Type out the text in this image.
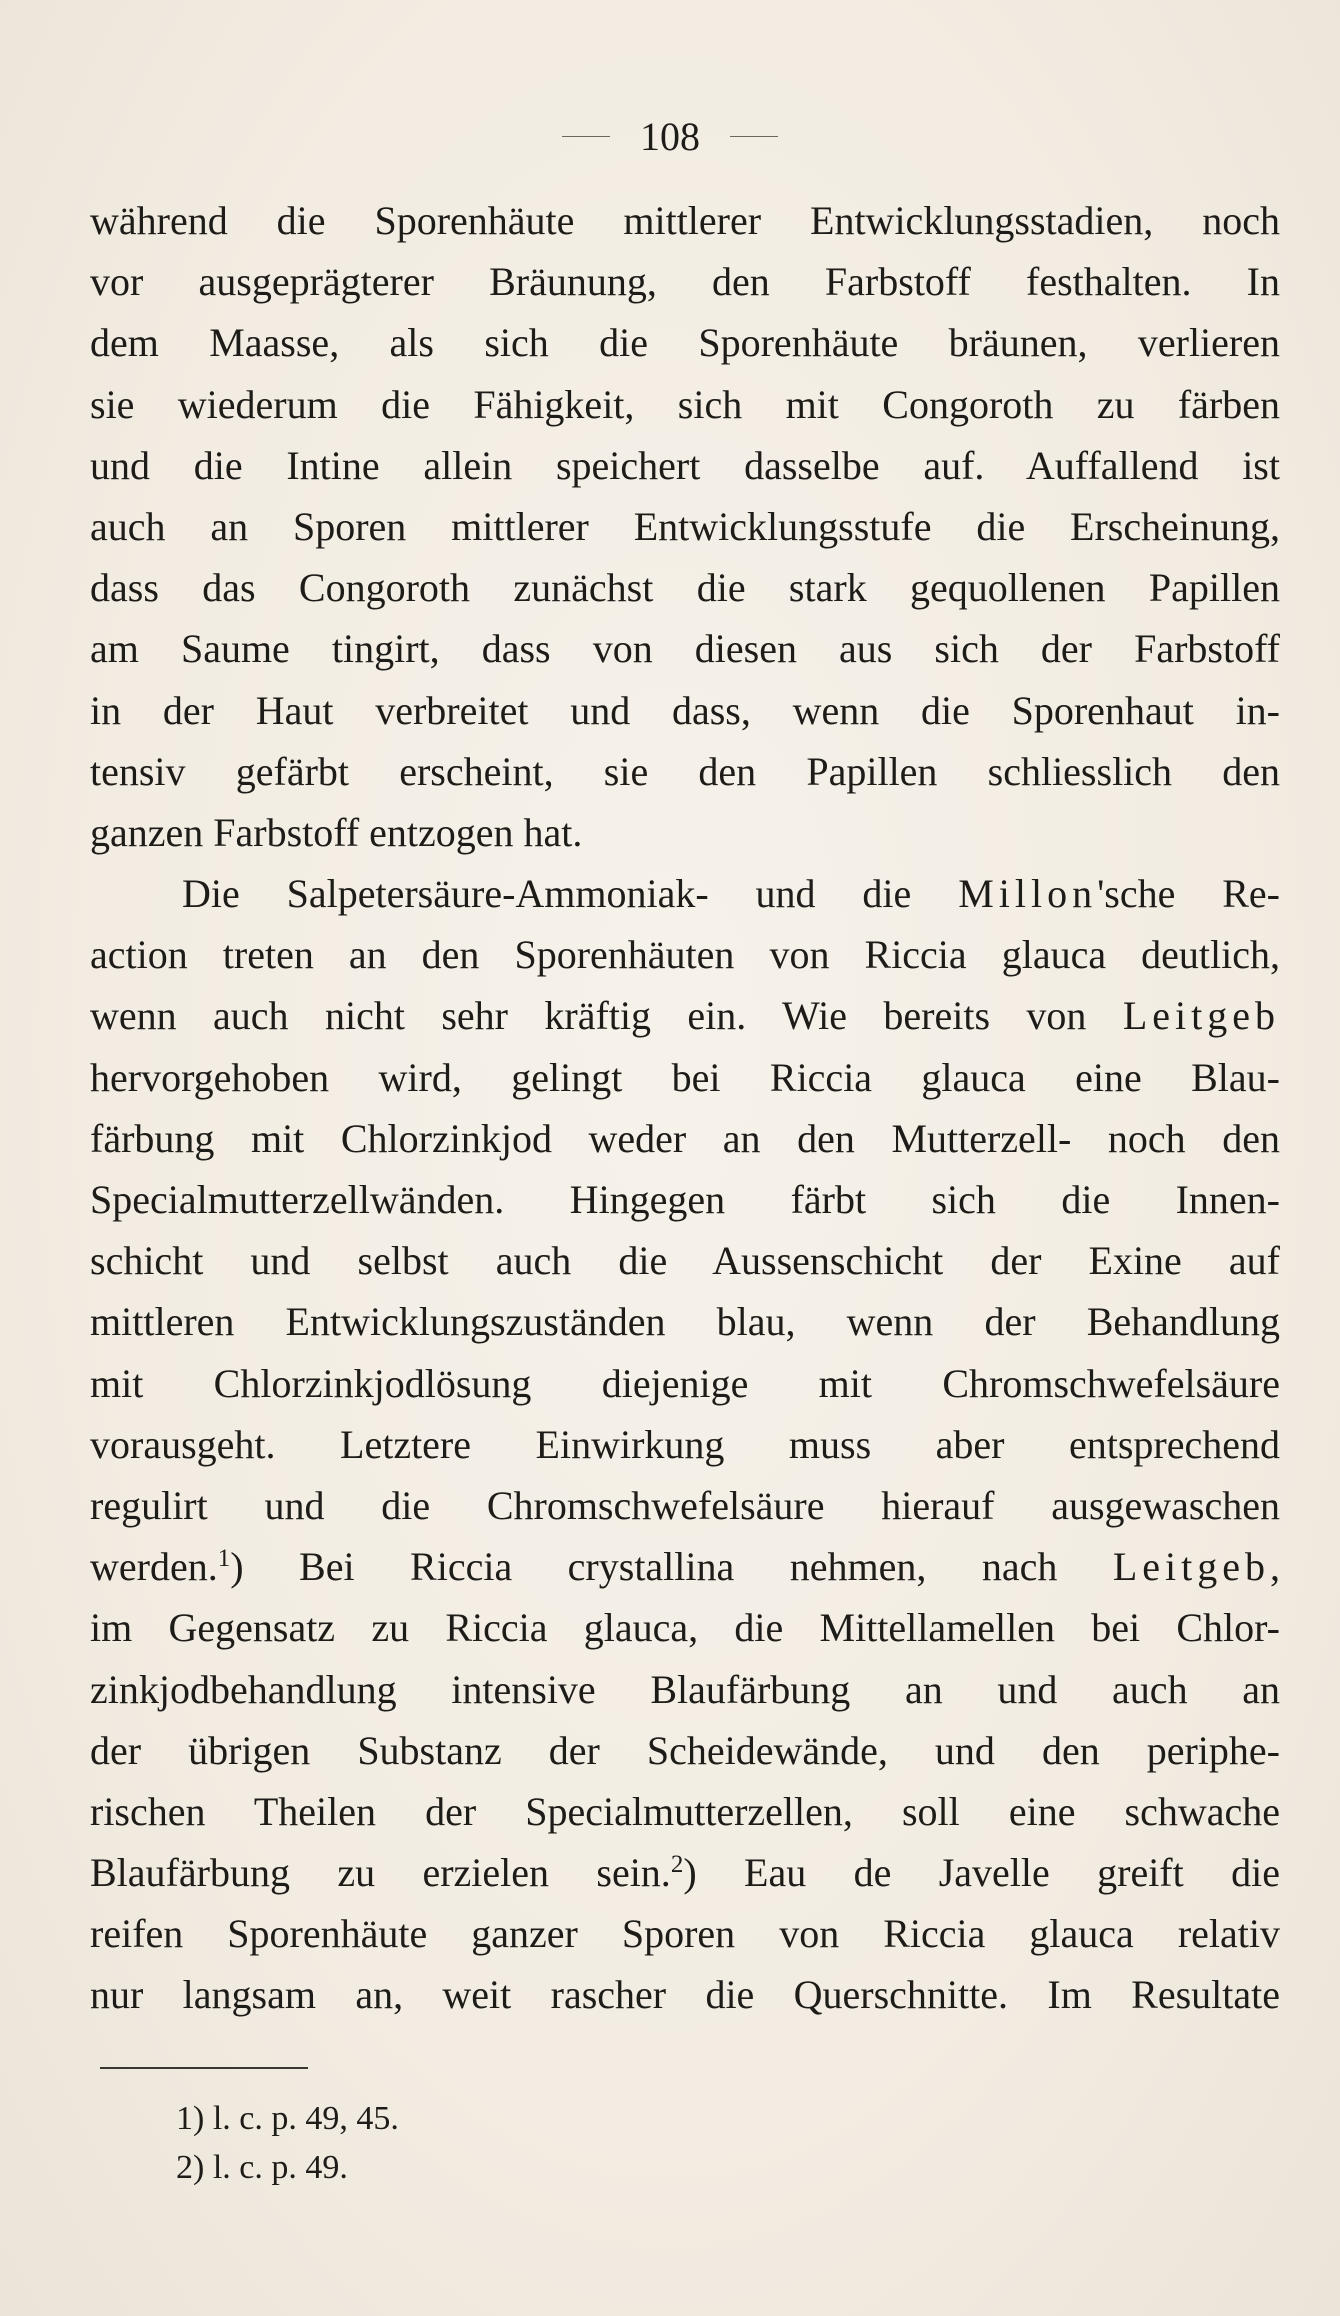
108
während die Sporenhäute mittlerer Entwicklungsstadien, noch
vor ausgeprägterer Bräunung, den Farbstoff festhalten. In
dem Maasse, als sich die Sporenhäute bräunen, verlieren
sie wiederum die Fähigkeit, sich mit Congoroth zu färben
und die Intine allein speichert dasselbe auf. Auffallend ist
auch an Sporen mittlerer Entwicklungsstufe die Erscheinung,
dass das Congoroth zunächst die stark gequollenen Papillen
am Saume tingirt, dass von diesen aus sich der Farbstoff
in der Haut verbreitet und dass, wenn die Sporenhaut in-
tensiv gefärbt erscheint, sie den Papillen schliesslich den
ganzen Farbstoff entzogen hat.
Die Salpetersäure-Ammoniak- und die Millon'sche Re-
action treten an den Sporenhäuten von Riccia glauca deutlich,
wenn auch nicht sehr kräftig ein. Wie bereits von Leitgeb
hervorgehoben wird, gelingt bei Riccia glauca eine Blau-
färbung mit Chlorzinkjod weder an den Mutterzell- noch den
Specialmutterzellwänden. Hingegen färbt sich die Innen-
schicht und selbst auch die Aussenschicht der Exine auf
mittleren Entwicklungszuständen blau, wenn der Behandlung
mit Chlorzinkjodlösung diejenige mit Chromschwefelsäure
vorausgeht. Letztere Einwirkung muss aber entsprechend
regulirt und die Chromschwefelsäure hierauf ausgewaschen
werden.$^1$) Bei Riccia crystallina nehmen, nach Leitgeb,
im Gegensatz zu Riccia glauca, die Mittellamellen bei Chlor-
zinkjodbehandlung intensive Blaufärbung an und auch an
der übrigen Substanz der Scheidewände, und den periphe-
rischen Theilen der Specialmutterzellen, soll eine schwache
Blaufärbung zu erzielen sein.$^2$) Eau de Javelle greift die
reifen Sporenhäute ganzer Sporen von Riccia glauca relativ
nur langsam an, weit rascher die Querschnitte. Im Resultate
1) l. c. p. 49, 45.
2) l. c. p. 49.
